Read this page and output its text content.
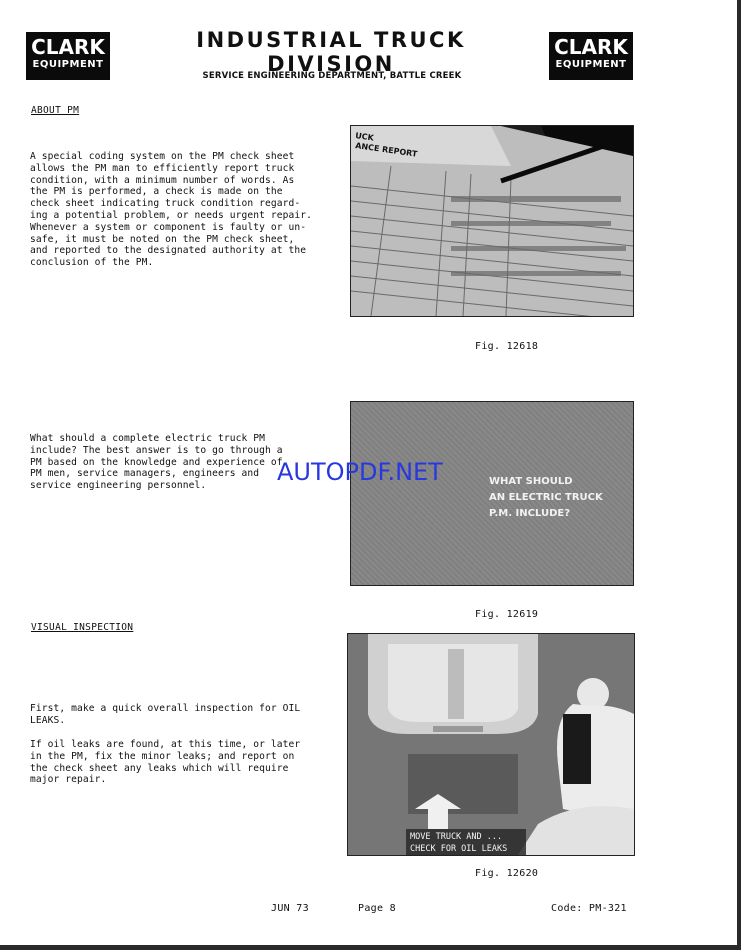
CLARK
EQUIPMENT
INDUSTRIAL TRUCK DIVISION
CLARK
EQUIPMENT
SERVICE ENGINEERING DEPARTMENT, BATTLE CREEK
ABOUT PM
A special coding system on the PM check sheet
allows the PM man to efficiently report truck
condition, with a minimum number of words. As
the PM is performed, a check is made on the
check sheet indicating truck condition regard-
ing a potential problem, or needs urgent repair.
Whenever a system or component is faulty or un-
safe, it must be noted on the PM check sheet,
and reported to the designated authority at the
conclusion of the PM.
UCK
ANCE REPORT
Fig. 12618
What should a complete electric truck PM
include? The best answer is to go through a
PM based on the knowledge and experience of
PM men, service managers, engineers and
service engineering personnel.	WHAT SHOULD
AN ELECTRIC TRUCK
P.M. INCLUDE?
Fig. 12619
AUTOPDF.NET
VISUAL INSPECTION
First, make a quick overall inspection for OIL
LEAKS.
If oil leaks are found, at this time, or later
in the PM, fix the minor leaks; and report on
the check sheet any leaks which will require
major repair.
MOVE TRUCK AND ...
CHECK FOR OIL LEAKS
Fig. 12620
JUN 73	Page 8	Code: PM-321
